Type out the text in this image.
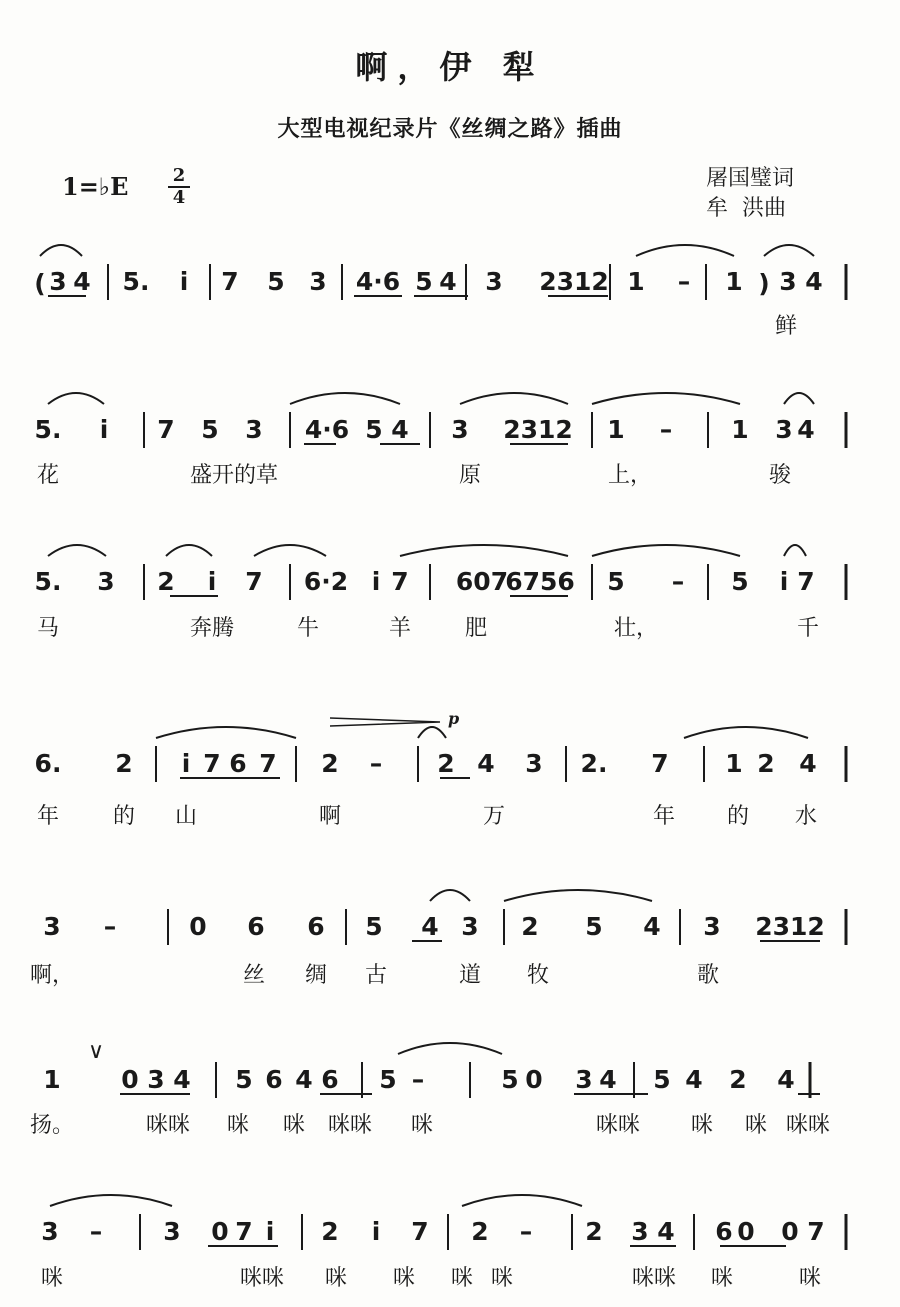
啊，伊 犁
大型电视纪录片《丝绸之路》插曲
1=♭E 2
4
屠国璧词
牟  洪曲
( 3 4 5. i 7 5 3 4·6 5 4 3 2312 1 – 1 ) 3 4
鲜
5. i 7 5 3 4·6 5 4 3 2312 1 – 1 3 4
花	盛开的草	原	上，	骏
5. 3 2 i 7 6·2 i 7 607
6756 5 – 5 i 7
马	奔腾	牛	羊 肥	壮，	千
6. 2 i 7 6 7 2 – 2 4 3 2. 7 1 2 4
年 的 山	啊	万	年 的 水
3 –	0 6 6 5 4 3 2 5 4 3 2312
啊，	丝 绸 古	道 牧	歌
1 0 3 4 5 6 4 6 5 –	5 0 3 4 5 4 2 4
扬。	咪咪 咪 咪 咪咪 咪	咪咪 咪 咪 咪咪
3 – 3 0 7 i 2 i 7 2 – 2 3 4 6 0 0 7
咪	咪咪 咪 咪 咪 咪	咪咪 咪	咪
p
∨
